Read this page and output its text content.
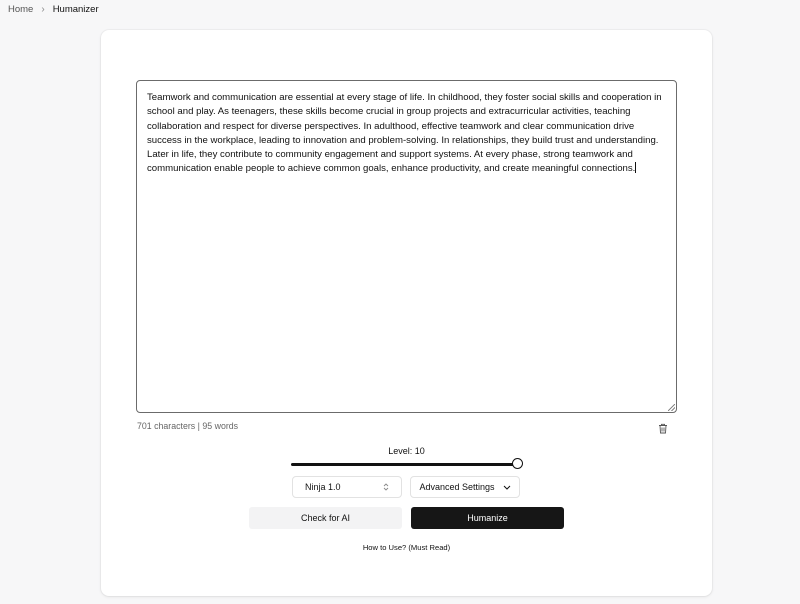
Home › Humanizer
Teamwork and communication are essential at every stage of life. In childhood, they foster social skills and cooperation in school and play. As teenagers, these skills become crucial in group projects and extracurricular activities, teaching collaboration and respect for diverse perspectives. In adulthood, effective teamwork and clear communication drive success in the workplace, leading to innovation and problem-solving. In relationships, they build trust and understanding. Later in life, they contribute to community engagement and support systems. At every phase, strong teamwork and communication enable people to achieve common goals, enhance productivity, and create meaningful connections.
701 characters | 95 words
Level: 10
Ninja 1.0	Advanced Settings
Check for AI	Humanize
How to Use? (Must Read)
